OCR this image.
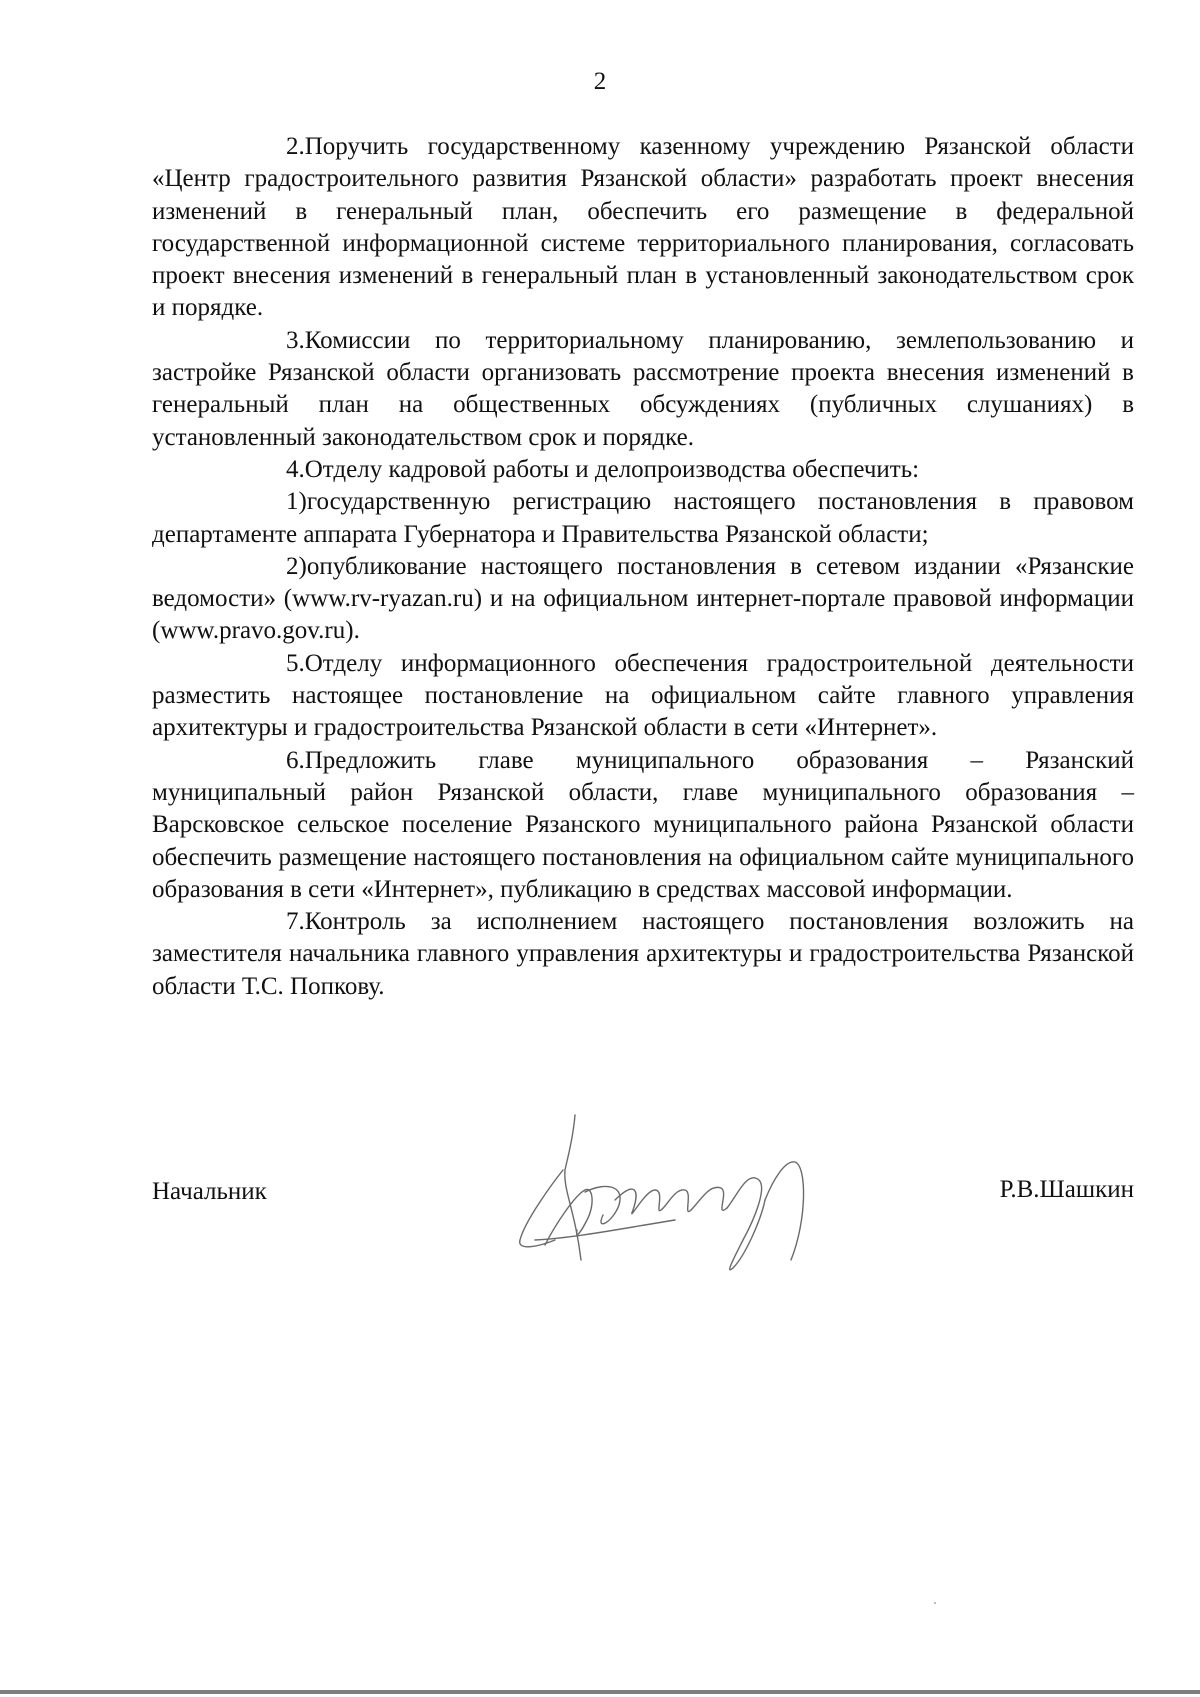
2

2.Поручить государственному казенному учреждению Рязанской области «Центр градостроительного развития Рязанской области» разработать проект внесения изменений в генеральный план, обеспечить его размещение в федеральной государственной информационной системе территориального планирования, согласовать проект внесения изменений в генеральный план в установленный законодательством срок и порядке.

3.Комиссии по территориальному планированию, землепользованию и застройке Рязанской области организовать рассмотрение проекта внесения изменений в генеральный план на общественных обсуждениях (публичных слушаниях) в установленный законодательством срок и порядке.

4.Отделу кадровой работы и делопроизводства обеспечить:

1)государственную регистрацию настоящего постановления в правовом департаменте аппарата Губернатора и Правительства Рязанской области;

2)опубликование настоящего постановления в сетевом издании «Рязанские ведомости» (www.rv-ryazan.ru) и на официальном интернет-портале правовой информации (www.pravo.gov.ru).

5.Отделу информационного обеспечения градостроительной деятельности разместить настоящее постановление на официальном сайте главного управления архитектуры и градостроительства Рязанской области в сети «Интернет».

6.Предложить главе муниципального образования – Рязанский муниципальный район Рязанской области, главе муниципального образования – Варсковское сельское поселение Рязанского муниципального района Рязанской области обеспечить размещение настоящего постановления на официальном сайте муниципального образования в сети «Интернет», публикацию в средствах массовой информации.

7.Контроль за исполнением настоящего постановления возложить на заместителя начальника главного управления архитектуры и градостроительства Рязанской области Т.С. Попкову.

Начальник	Р.В.Шашкин
